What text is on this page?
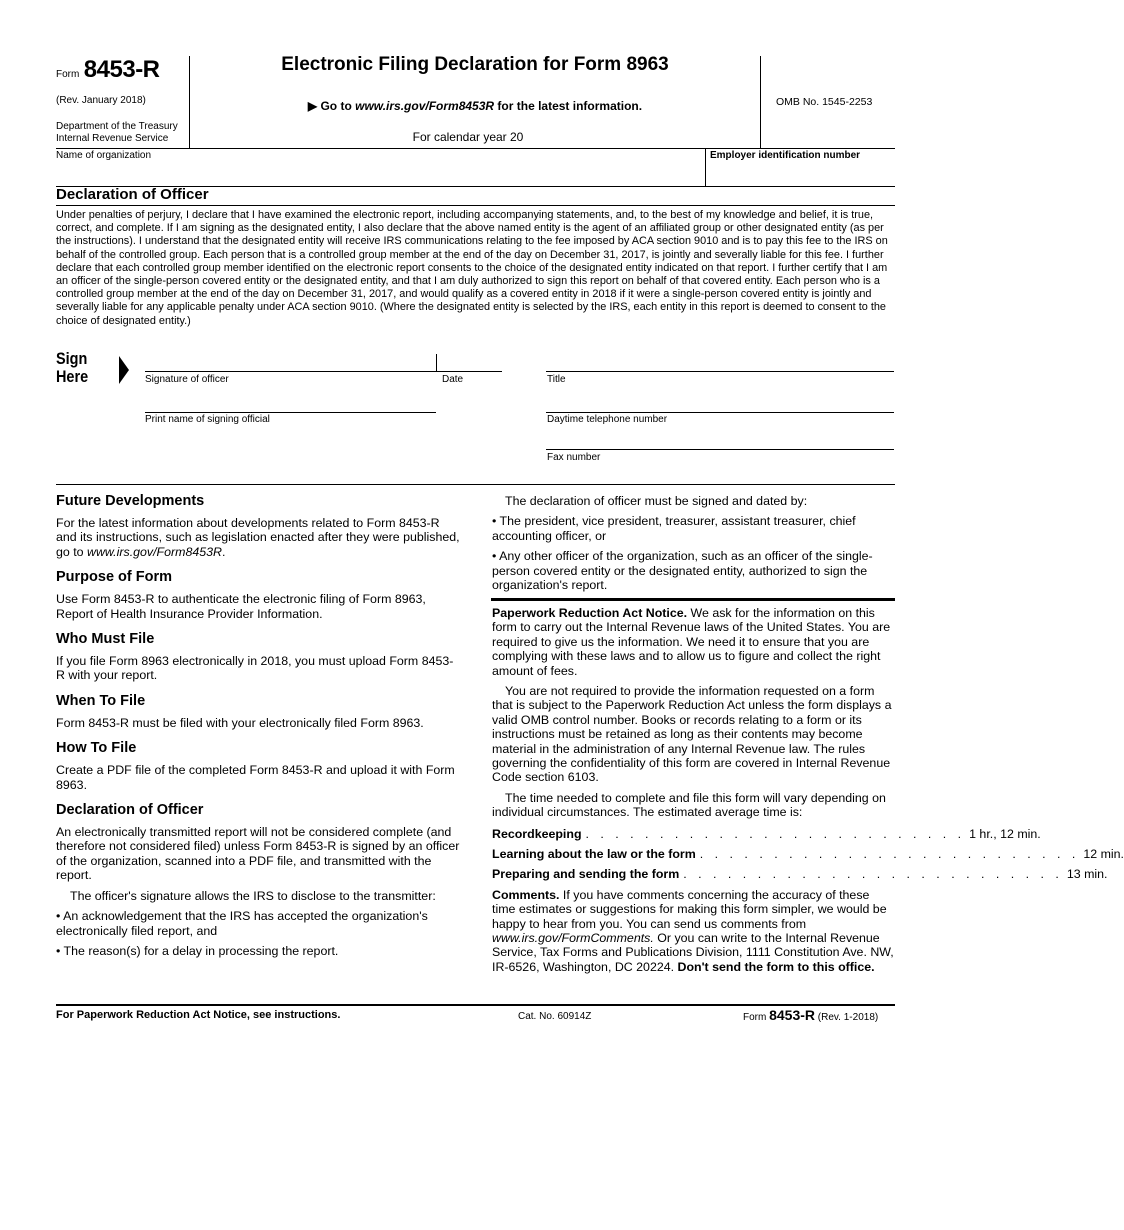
Form 8453-R
(Rev. January 2018)
Department of the Treasury
Internal Revenue Service
Electronic Filing Declaration for Form 8963
▶ Go to www.irs.gov/Form8453R for the latest information.
For calendar year 20
OMB No. 1545-2253
Name of organization	Employer identification number
Declaration of Officer
Under penalties of perjury, I declare that I have examined the electronic report, including accompanying statements, and, to the best of my knowledge and belief, it is true, correct, and complete. If I am signing as the designated entity, I also declare that the above named entity is the agent of an affiliated group or other designated entity (as per the instructions). I understand that the designated entity will receive IRS communications relating to the fee imposed by ACA section 9010 and is to pay this fee to the IRS on behalf of the controlled group. Each person that is a controlled group member at the end of the day on December 31, 2017, is jointly and severally liable for this fee. I further declare that each controlled group member identified on the electronic report consents to the choice of the designated entity indicated on that report. I further certify that I am an officer of the single-person covered entity or the designated entity, and that I am duly authorized to sign this report on behalf of that covered entity. Each person who is a controlled group member at the end of the day on December 31, 2017, and would qualify as a covered entity in 2018 if it were a single-person covered entity is jointly and severally liable for any applicable penalty under ACA section 9010. (Where the designated entity is selected by the IRS, each entity in this report is deemed to consent to the choice of designated entity.)
Sign
Here	Signature of officer	Date	Title
Print name of signing official	Daytime telephone number
Fax number

Future Developments

For the latest information about developments related to Form 8453-R and its instructions, such as legislation enacted after they were published, go to www.irs.gov/Form8453R.

Purpose of Form

Use Form 8453-R to authenticate the electronic filing of Form 8963, Report of Health Insurance Provider Information.

Who Must File

If you file Form 8963 electronically in 2018, you must upload Form 8453-R with your report.

When To File

Form 8453-R must be filed with your electronically filed Form 8963.

How To File

Create a PDF file of the completed Form 8453-R and upload it with Form 8963.

Declaration of Officer

An electronically transmitted report will not be considered complete (and therefore not considered filed) unless Form 8453-R is signed by an officer of the organization, scanned into a PDF file, and transmitted with the report.

The officer's signature allows the IRS to disclose to the transmitter:

• An acknowledgement that the IRS has accepted the organization's electronically filed report, and

• The reason(s) for a delay in processing the report.

The declaration of officer must be signed and dated by:

• The president, vice president, treasurer, assistant treasurer, chief accounting officer, or

• Any other officer of the organization, such as an officer of the single-person covered entity or the designated entity, authorized to sign the organization's report.

Paperwork Reduction Act Notice. We ask for the information on this form to carry out the Internal Revenue laws of the United States. You are required to give us the information. We need it to ensure that you are complying with these laws and to allow us to figure and collect the right amount of fees.

You are not required to provide the information requested on a form that is subject to the Paperwork Reduction Act unless the form displays a valid OMB control number. Books or records relating to a form or its instructions must be retained as long as their contents may become material in the administration of any Internal Revenue law. The rules governing the confidentiality of this form are covered in Internal Revenue Code section 6103.

The time needed to complete and file this form will vary depending on individual circumstances. The estimated average time is:

Recordkeeping . . . . . . . . . . . . . . . . . . . . . . . . . . 1 hr., 12 min.
Learning about the law or the form . . . . . . . . . . . . . . . . . . . . . . . . . . 12 min.
Preparing and sending the form . . . . . . . . . . . . . . . . . . . . . . . . . . 13 min.

Comments. If you have comments concerning the accuracy of these time estimates or suggestions for making this form simpler, we would be happy to hear from you. You can send us comments from www.irs.gov/FormComments. Or you can write to the Internal Revenue Service, Tax Forms and Publications Division, 1111 Constitution Ave. NW, IR-6526, Washington, DC 20224. Don't send the form to this office.

For Paperwork Reduction Act Notice, see instructions.	Cat. No. 60914Z	Form 8453-R (Rev. 1-2018)
